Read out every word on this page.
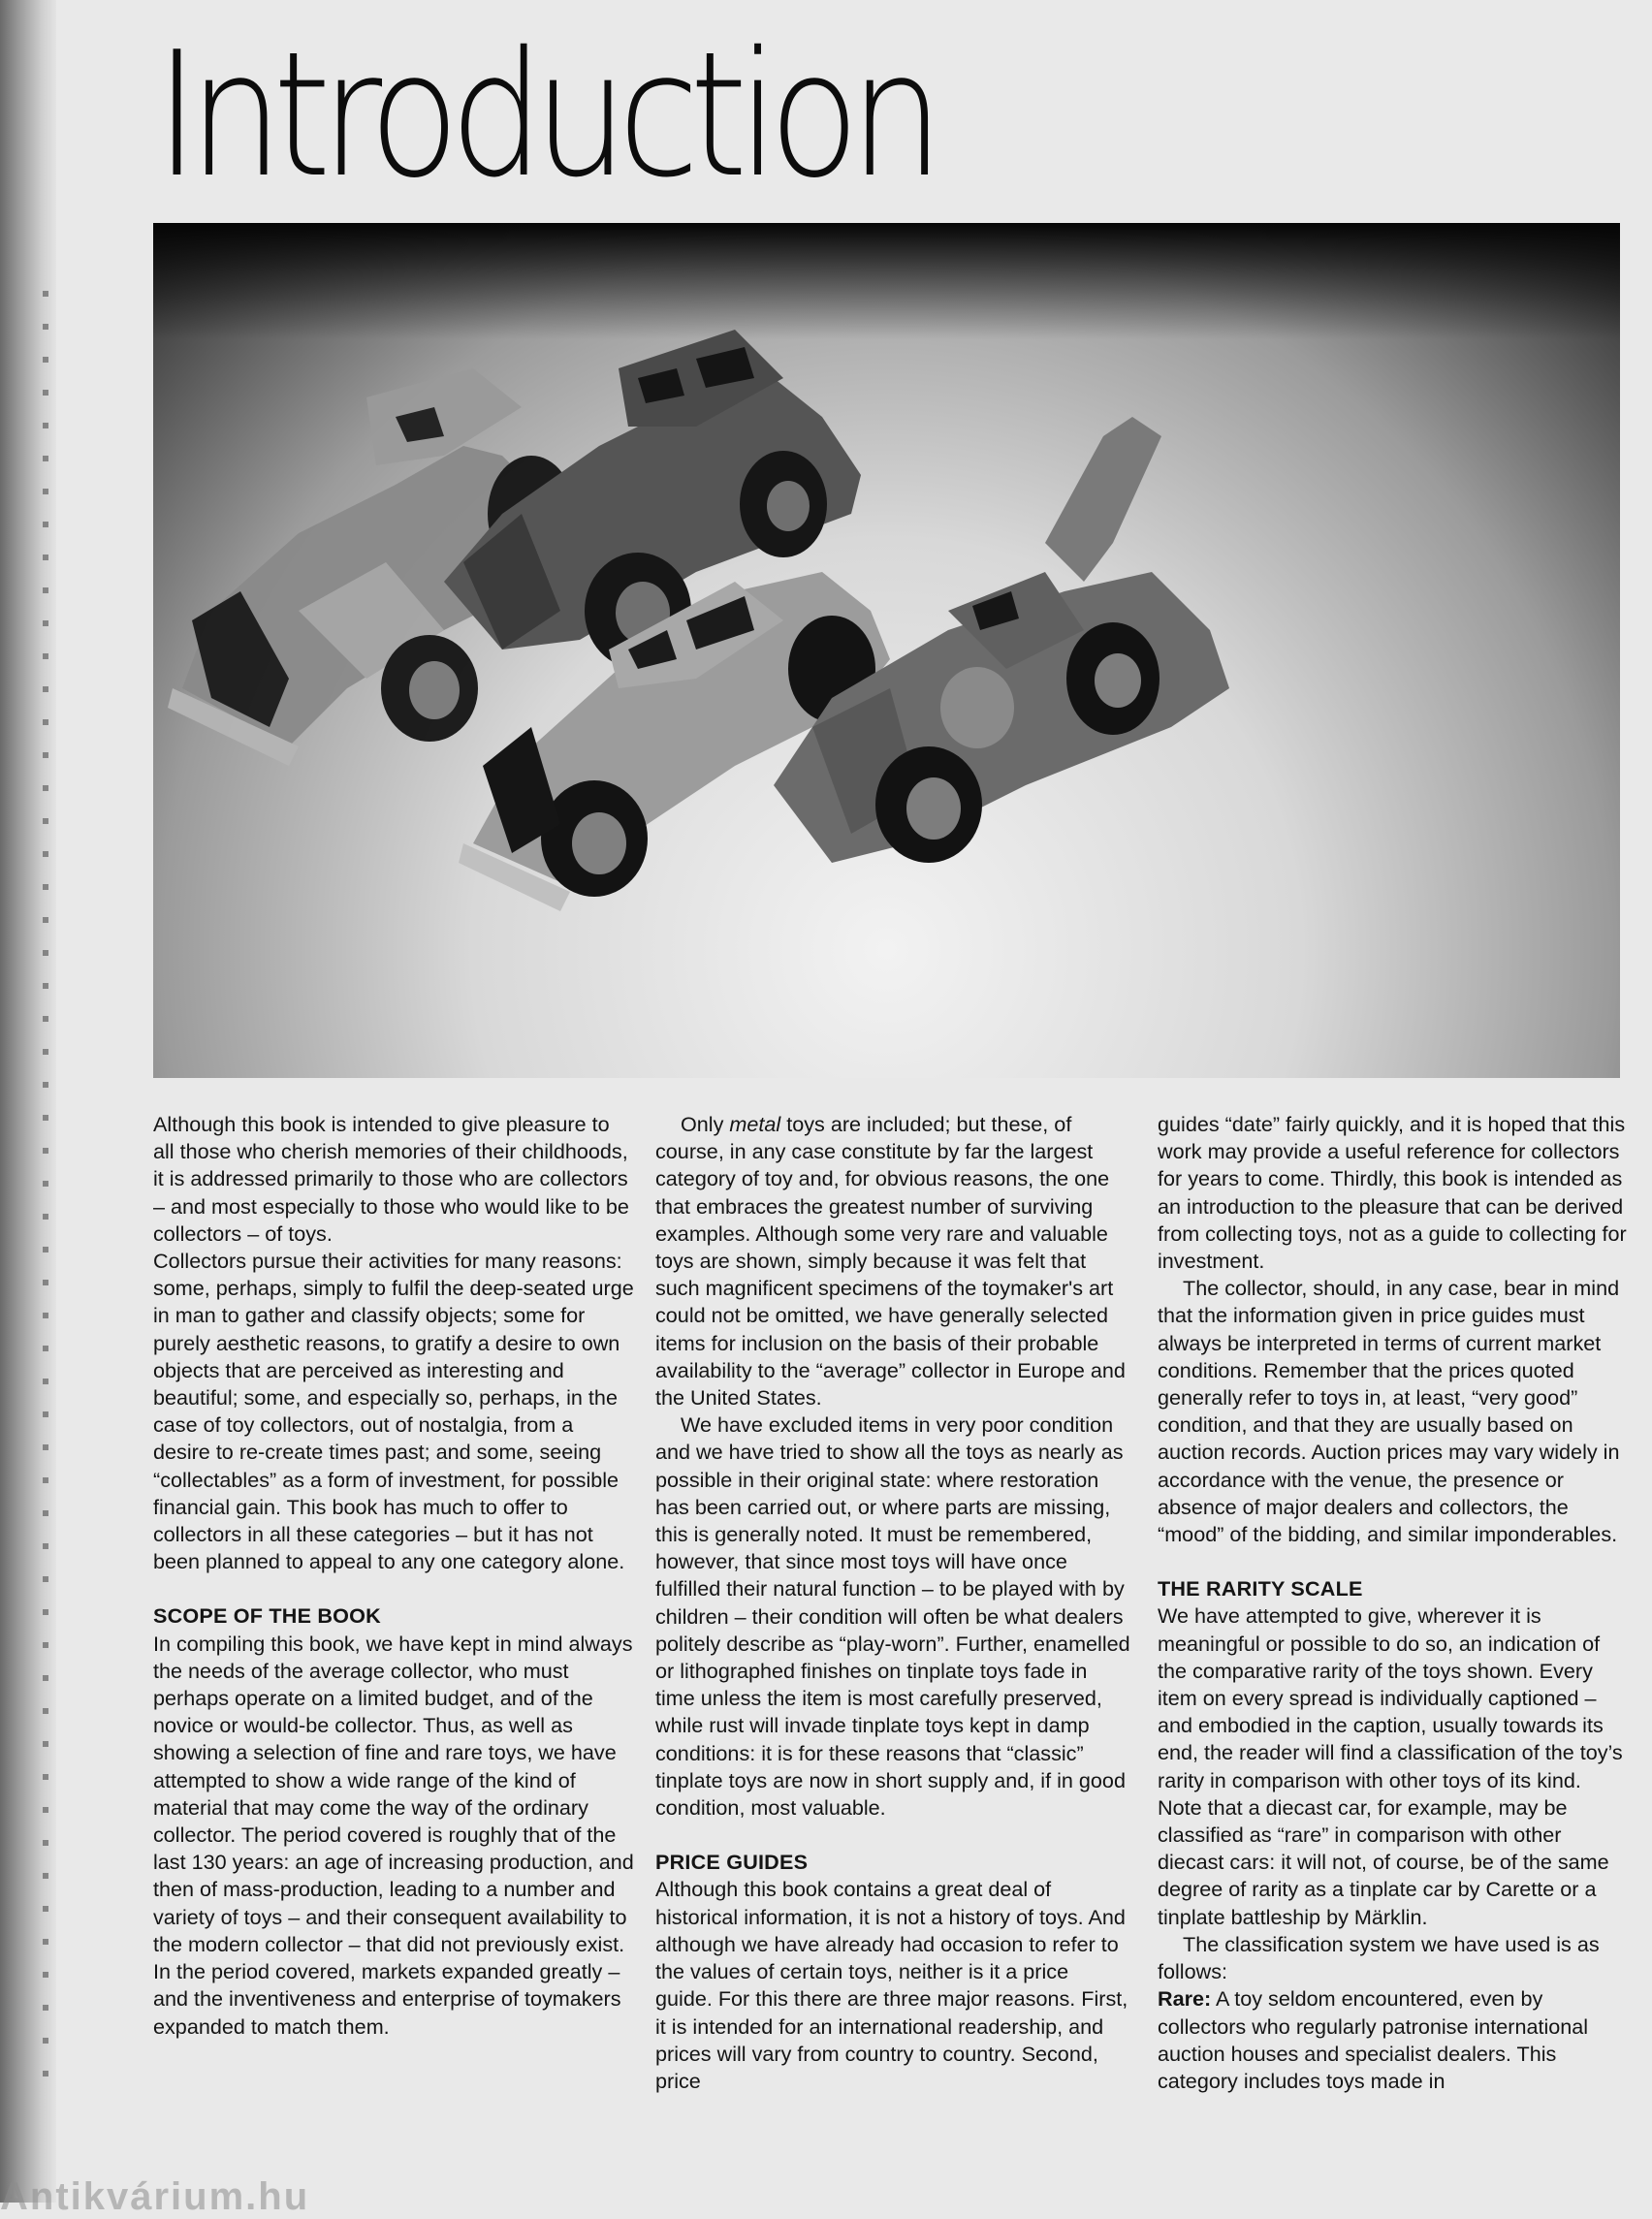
Introduction

Although this book is intended to give pleasure to all those who cherish memories of their childhoods, it is addressed primarily to those who are collectors – and most especially to those who would like to be collectors – of toys.

Collectors pursue their activities for many reasons: some, perhaps, simply to fulfil the deep-seated urge in man to gather and classify objects; some for purely aesthetic reasons, to gratify a desire to own objects that are perceived as interesting and beautiful; some, and especially so, perhaps, in the case of toy collectors, out of nostalgia, from a desire to re-create times past; and some, seeing “collectables” as a form of investment, for possible financial gain. This book has much to offer to collectors in all these categories – but it has not been planned to appeal to any one category alone.

SCOPE OF THE BOOK

In compiling this book, we have kept in mind always the needs of the average collector, who must perhaps operate on a limited budget, and of the novice or would-be collector. Thus, as well as showing a selection of fine and rare toys, we have attempted to show a wide range of the kind of material that may come the way of the ordinary collector. The period covered is roughly that of the last 130 years: an age of increasing production, and then of mass-production, leading to a number and variety of toys – and their consequent availability to the modern collector – that did not previously exist. In the period covered, markets expanded greatly – and the inventiveness and enterprise of toymakers expanded to match them.

Only metal toys are included; but these, of course, in any case constitute by far the largest category of toy and, for obvious reasons, the one that embraces the greatest number of surviving examples. Although some very rare and valuable toys are shown, simply because it was felt that such magnificent specimens of the toymaker's art could not be omitted, we have generally selected items for inclusion on the basis of their probable availability to the “average” collector in Europe and the United States.

We have excluded items in very poor condition and we have tried to show all the toys as nearly as possible in their original state: where restoration has been carried out, or where parts are missing, this is generally noted. It must be remembered, however, that since most toys will have once fulfilled their natural function – to be played with by children – their condition will often be what dealers politely describe as “play-worn”. Further, enamelled or lithographed finishes on tinplate toys fade in time unless the item is most carefully preserved, while rust will invade tinplate toys kept in damp conditions: it is for these reasons that “classic” tinplate toys are now in short supply and, if in good condition, most valuable.

PRICE GUIDES

Although this book contains a great deal of historical information, it is not a history of toys. And although we have already had occasion to refer to the values of certain toys, neither is it a price guide. For this there are three major reasons. First, it is intended for an international readership, and prices will vary from country to country. Second, price

guides “date” fairly quickly, and it is hoped that this work may provide a useful reference for collectors for years to come. Thirdly, this book is intended as an introduction to the pleasure that can be derived from collecting toys, not as a guide to collecting for investment.

The collector, should, in any case, bear in mind that the information given in price guides must always be interpreted in terms of current market conditions. Remember that the prices quoted generally refer to toys in, at least, “very good” condition, and that they are usually based on auction records. Auction prices may vary widely in accordance with the venue, the presence or absence of major dealers and collectors, the “mood” of the bidding, and similar imponderables.

THE RARITY SCALE

We have attempted to give, wherever it is meaningful or possible to do so, an indication of the comparative rarity of the toys shown. Every item on every spread is individually captioned – and embodied in the caption, usually towards its end, the reader will find a classification of the toy’s rarity in comparison with other toys of its kind. Note that a diecast car, for example, may be classified as “rare” in comparison with other diecast cars: it will not, of course, be of the same degree of rarity as a tinplate car by Carette or a tinplate battleship by Märklin.

The classification system we have used is as follows:

Rare: A toy seldom encountered, even by collectors who regularly patronise international auction houses and specialist dealers. This category includes toys made in

Antikvárium.hu
